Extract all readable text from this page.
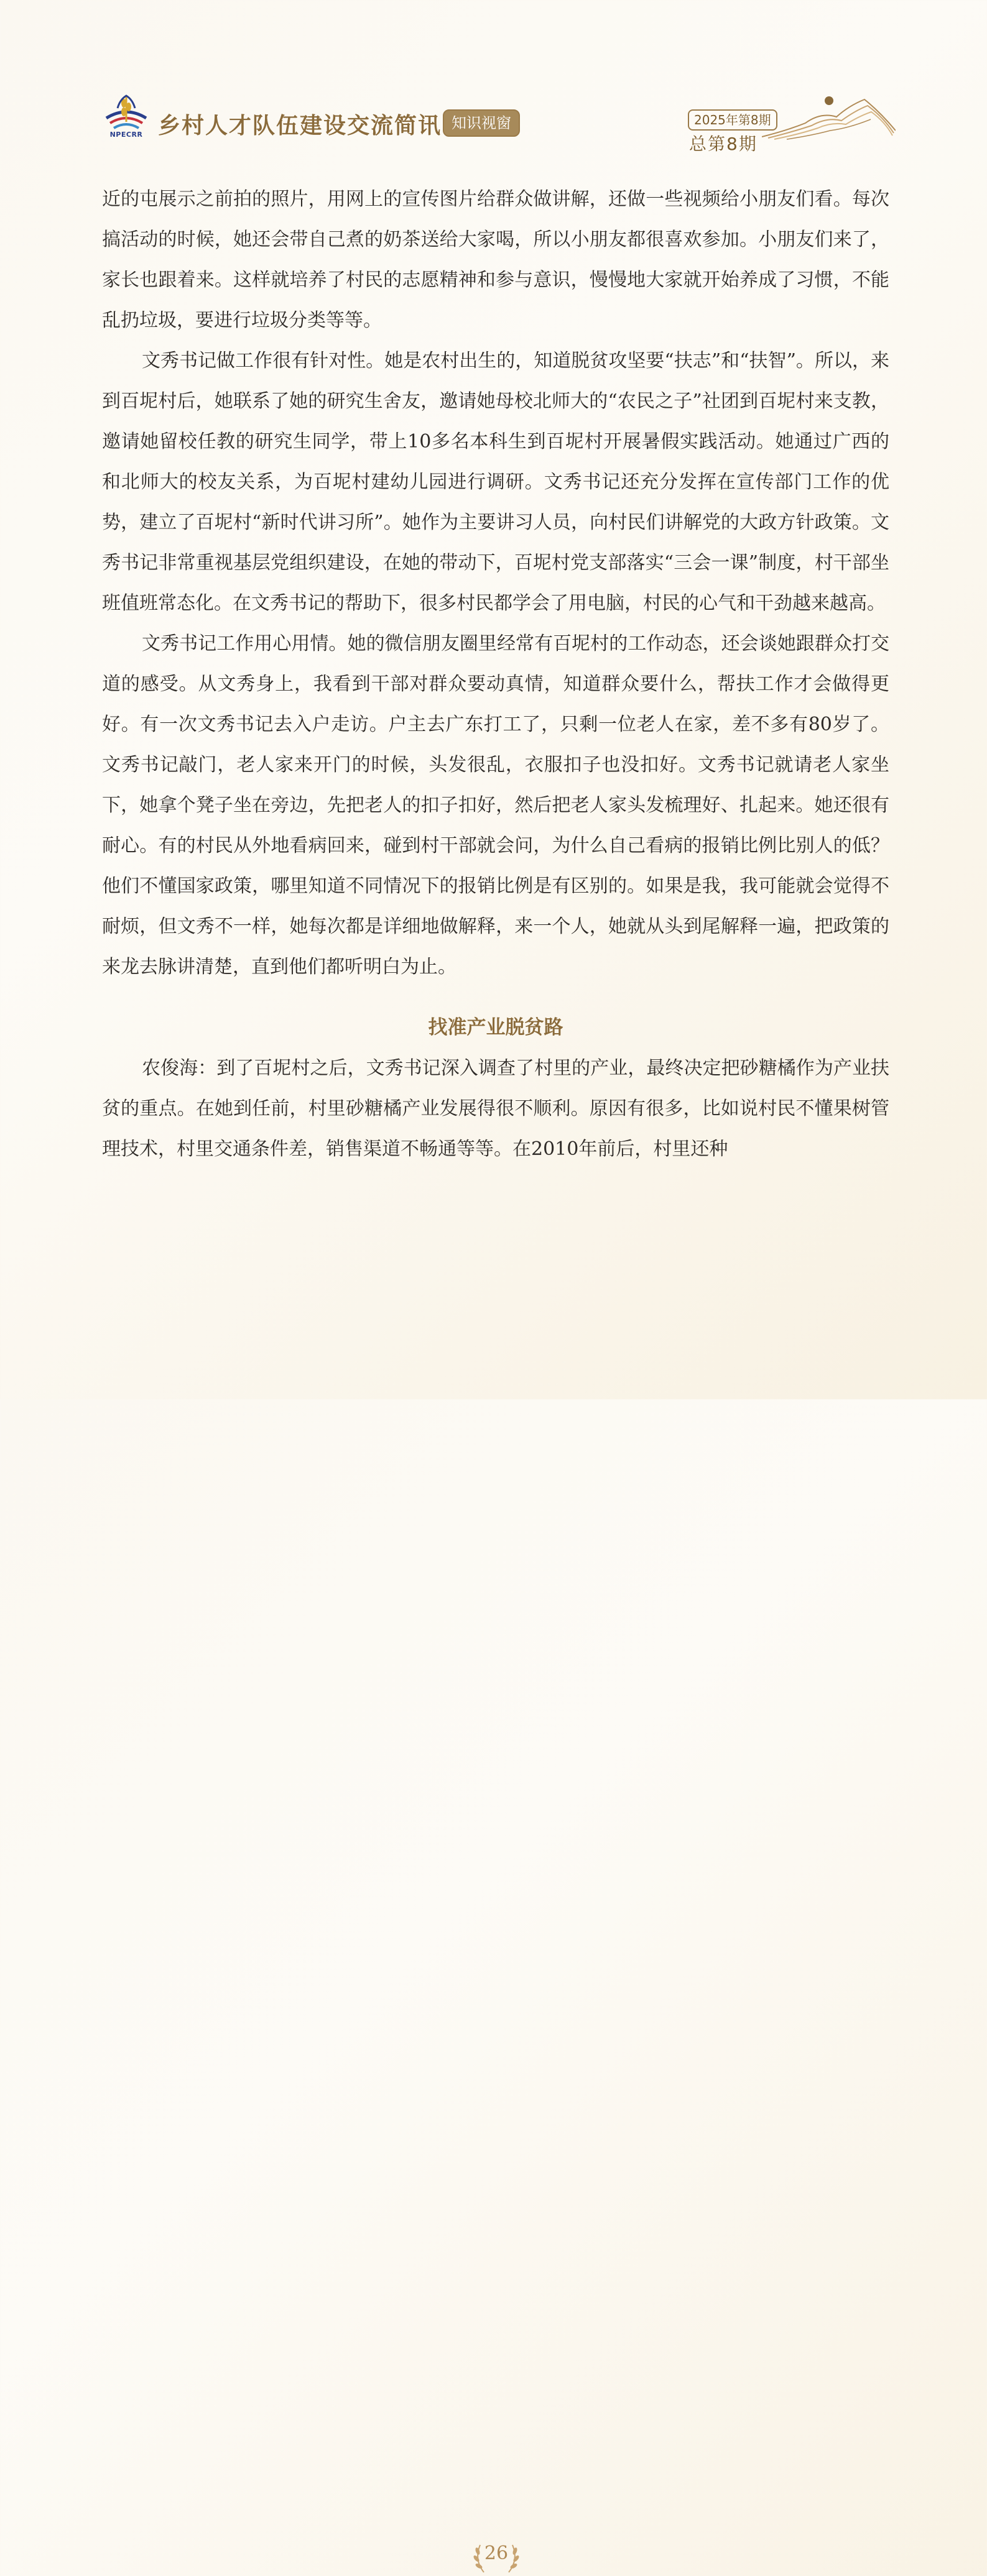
NPECRR 乡村人才队伍建设交流简讯 知识视窗	2025年第8期
总第8期

近的屯展示之前拍的照片，用网上的宣传图片给群众做讲解，还做一些视频给小朋友们看。每次搞活动的时候，她还会带自己煮的奶茶送给大家喝，所以小朋友都很喜欢参加。小朋友们来了，家长也跟着来。这样就培养了村民的志愿精神和参与意识，慢慢地大家就开始养成了习惯，不能乱扔垃圾，要进行垃圾分类等等。

文秀书记做工作很有针对性。她是农村出生的，知道脱贫攻坚要“扶志”和“扶智”。所以，来到百坭村后，她联系了她的研究生舍友，邀请她母校北师大的“农民之子”社团到百坭村来支教，邀请她留校任教的研究生同学，带上10多名本科生到百坭村开展暑假实践活动。她通过广西的和北师大的校友关系，为百坭村建幼儿园进行调研。文秀书记还充分发挥在宣传部门工作的优势，建立了百坭村“新时代讲习所”。她作为主要讲习人员，向村民们讲解党的大政方针政策。文秀书记非常重视基层党组织建设，在她的带动下，百坭村党支部落实“三会一课”制度，村干部坐班值班常态化。在文秀书记的帮助下，很多村民都学会了用电脑，村民的心气和干劲越来越高。

文秀书记工作用心用情。她的微信朋友圈里经常有百坭村的工作动态，还会谈她跟群众打交道的感受。从文秀身上，我看到干部对群众要动真情，知道群众要什么，帮扶工作才会做得更好。有一次文秀书记去入户走访。户主去广东打工了，只剩一位老人在家，差不多有80岁了。文秀书记敲门，老人家来开门的时候，头发很乱，衣服扣子也没扣好。文秀书记就请老人家坐下，她拿个凳子坐在旁边，先把老人的扣子扣好，然后把老人家头发梳理好、扎起来。她还很有耐心。有的村民从外地看病回来，碰到村干部就会问，为什么自己看病的报销比例比别人的低？他们不懂国家政策，哪里知道不同情况下的报销比例是有区别的。如果是我，我可能就会觉得不耐烦，但文秀不一样，她每次都是详细地做解释，来一个人，她就从头到尾解释一遍，把政策的来龙去脉讲清楚，直到他们都听明白为止。

找准产业脱贫路

农俊海：到了百坭村之后，文秀书记深入调查了村里的产业，最终决定把砂糖橘作为产业扶贫的重点。在她到任前，村里砂糖橘产业发展得很不顺利。原因有很多，比如说村民不懂果树管理技术，村里交通条件差，销售渠道不畅通等等。在2010年前后，村里还种

26
